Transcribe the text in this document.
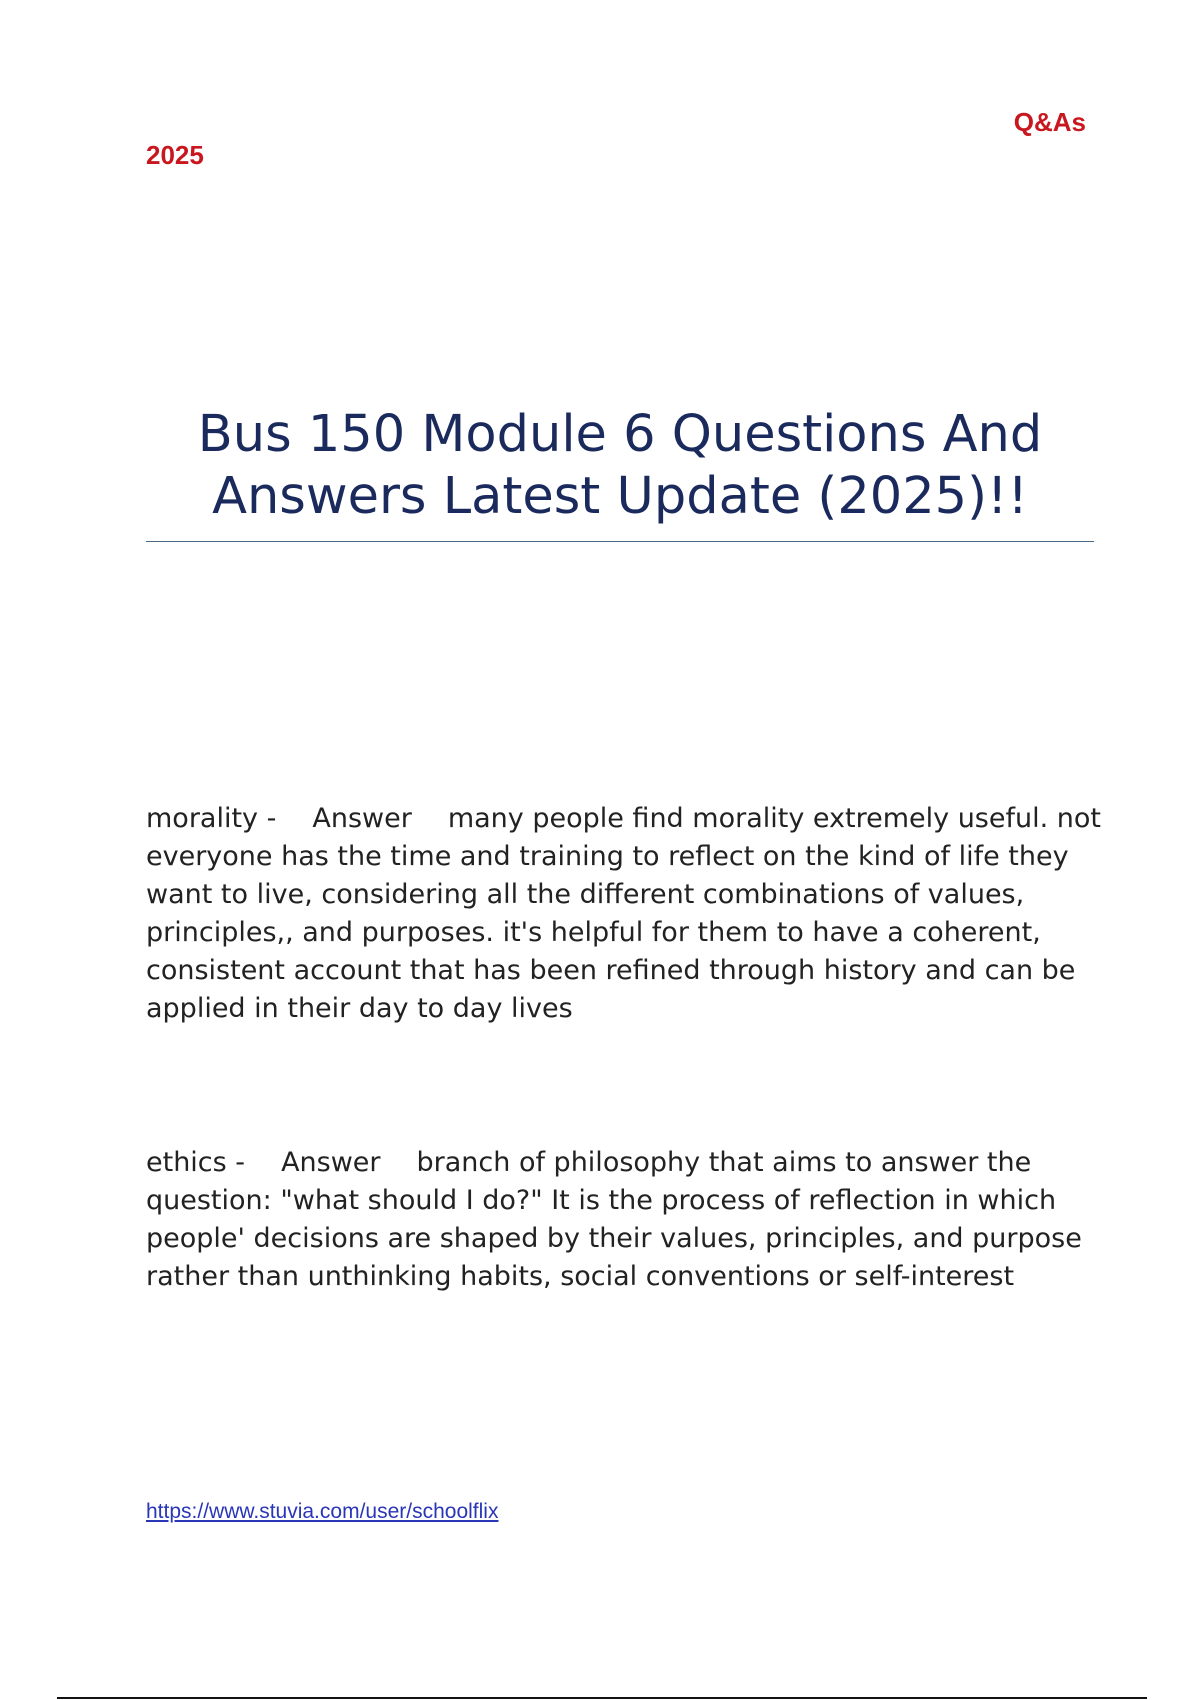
2025
Q&As
Bus 150 Module 6 Questions And Answers Latest Update (2025)!!
morality - Answer many people find morality extremely useful. not everyone has the time and training to reflect on the kind of life they want to live, considering all the different combinations of values, principles,, and purposes. it's helpful for them to have a coherent, consistent account that has been refined through history and can be applied in their day to day lives
ethics - Answer branch of philosophy that aims to answer the question: "what should I do?" It is the process of reflection in which people' decisions are shaped by their values, principles, and purpose rather than unthinking habits, social conventions or self-interest
https://www.stuvia.com/user/schoolflix
